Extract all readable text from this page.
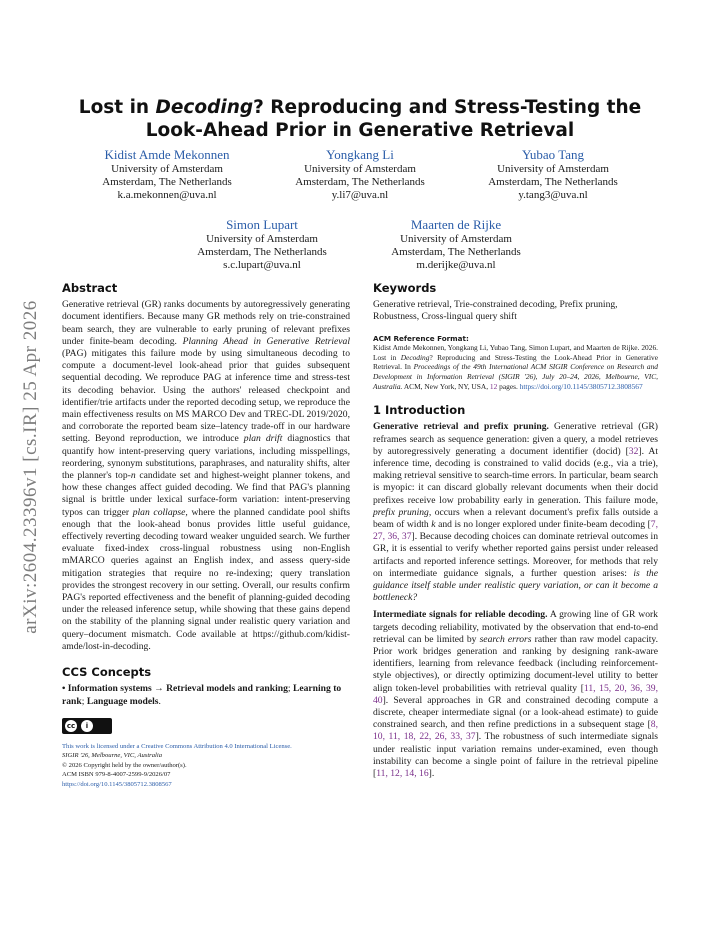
arXiv:2604.23396v1 [cs.IR] 25 Apr 2026
Lost in Decoding? Reproducing and Stress-Testing the
Look-Ahead Prior in Generative Retrieval
Kidist Amde Mekonnen
University of Amsterdam
Amsterdam, The Netherlands
k.a.mekonnen@uva.nl
Yongkang Li
University of Amsterdam
Amsterdam, The Netherlands
y.li7@uva.nl
Yubao Tang
University of Amsterdam
Amsterdam, The Netherlands
y.tang3@uva.nl
Simon Lupart
University of Amsterdam
Amsterdam, The Netherlands
s.c.lupart@uva.nl
Maarten de Rijke
University of Amsterdam
Amsterdam, The Netherlands
m.derijke@uva.nl
Abstract

Generative retrieval (GR) ranks documents by autoregressively generating document identifiers. Because many GR methods rely on trie-constrained beam search, they are vulnerable to early pruning of relevant prefixes under finite-beam decoding. Planning Ahead in Generative Retrieval (PAG) mitigates this failure mode by using simultaneous decoding to compute a document-level look-ahead prior that guides subsequent sequential decoding. We reproduce PAG at inference time and stress-test its decoding behavior. Using the authors' released checkpoint and identifier/trie artifacts under the reported decoding setup, we reproduce the main effectiveness results on MS MARCO Dev and TREC-DL 2019/2020, and corroborate the reported beam size–latency trade-off in our hardware setting. Beyond reproduction, we introduce plan drift diagnostics that quantify how intent-preserving query variations, including misspellings, reordering, synonym substitutions, paraphrases, and naturality shifts, alter the planner's top-n candidate set and highest-weight planner tokens, and how these changes affect guided decoding. We find that PAG's planning signal is brittle under lexical surface-form variation: intent-preserving typos can trigger plan collapse, where the planned candidate pool shifts enough that the look-ahead bonus provides little useful guidance, effectively reverting decoding toward weaker unguided search. We further evaluate fixed-index cross-lingual robustness using non-English mMARCO queries against an English index, and assess query-side mitigation strategies that require no re-indexing; query translation provides the strongest recovery in our setting. Overall, our results confirm PAG's reported effectiveness and the benefit of planning-guided decoding under the released inference setup, while showing that these gains depend on the stability of the planning signal under realistic query variation and query–document mismatch. Code available at https://github.com/kidist-amde/lost-in-decoding.

CCS Concepts

• Information systems → Retrieval models and ranking; Learning to rank; Language models.

cc	i
This work is licensed under a Creative Commons Attribution 4.0 International License.
SIGIR '26, Melbourne, VIC, Australia
© 2026 Copyright held by the owner/author(s).
ACM ISBN 979-8-4007-2599-9/2026/07
https://doi.org/10.1145/3805712.3808567
Keywords

Generative retrieval, Trie-constrained decoding, Prefix pruning, Robustness, Cross-lingual query shift

ACM Reference Format:

Kidist Amde Mekonnen, Yongkang Li, Yubao Tang, Simon Lupart, and Maarten de Rijke. 2026. Lost in Decoding? Reproducing and Stress-Testing the Look-Ahead Prior in Generative Retrieval. In Proceedings of the 49th International ACM SIGIR Conference on Research and Development in Information Retrieval (SIGIR '26), July 20–24, 2026, Melbourne, VIC, Australia. ACM, New York, NY, USA, 12 pages. https://doi.org/10.1145/3805712.3808567

1 Introduction

Generative retrieval and prefix pruning. Generative retrieval (GR) reframes search as sequence generation: given a query, a model retrieves by autoregressively generating a document identifier (docid) [32]. At inference time, decoding is constrained to valid docids (e.g., via a trie), making retrieval sensitive to search-time errors. In particular, beam search is myopic: it can discard globally relevant documents when their docid prefixes receive low probability early in generation. This failure mode, prefix pruning, occurs when a relevant document's prefix falls outside a beam of width k and is no longer explored under finite-beam decoding [7, 27, 36, 37]. Because decoding choices can dominate retrieval outcomes in GR, it is essential to verify whether reported gains persist under released artifacts and reported inference settings. Moreover, for methods that rely on intermediate guidance signals, a further question arises: is the guidance itself stable under realistic query variation, or can it become a bottleneck?

Intermediate signals for reliable decoding. A growing line of GR work targets decoding reliability, motivated by the observation that end-to-end retrieval can be limited by search errors rather than raw model capacity. Prior work bridges generation and ranking by designing rank-aware identifiers, learning from relevance feedback (including reinforcement-style objectives), or directly optimizing document-level utility to better align token-level probabilities with retrieval quality [11, 15, 20, 36, 39, 40]. Several approaches in GR and constrained decoding compute a discrete, cheaper intermediate signal (or a look-ahead estimate) to guide constrained search, and then refine predictions in a subsequent stage [8, 10, 11, 18, 22, 26, 33, 37]. The robustness of such intermediate signals under realistic input variation remains under-examined, even though instability can become a single point of failure in the retrieval pipeline [11, 12, 14, 16].
